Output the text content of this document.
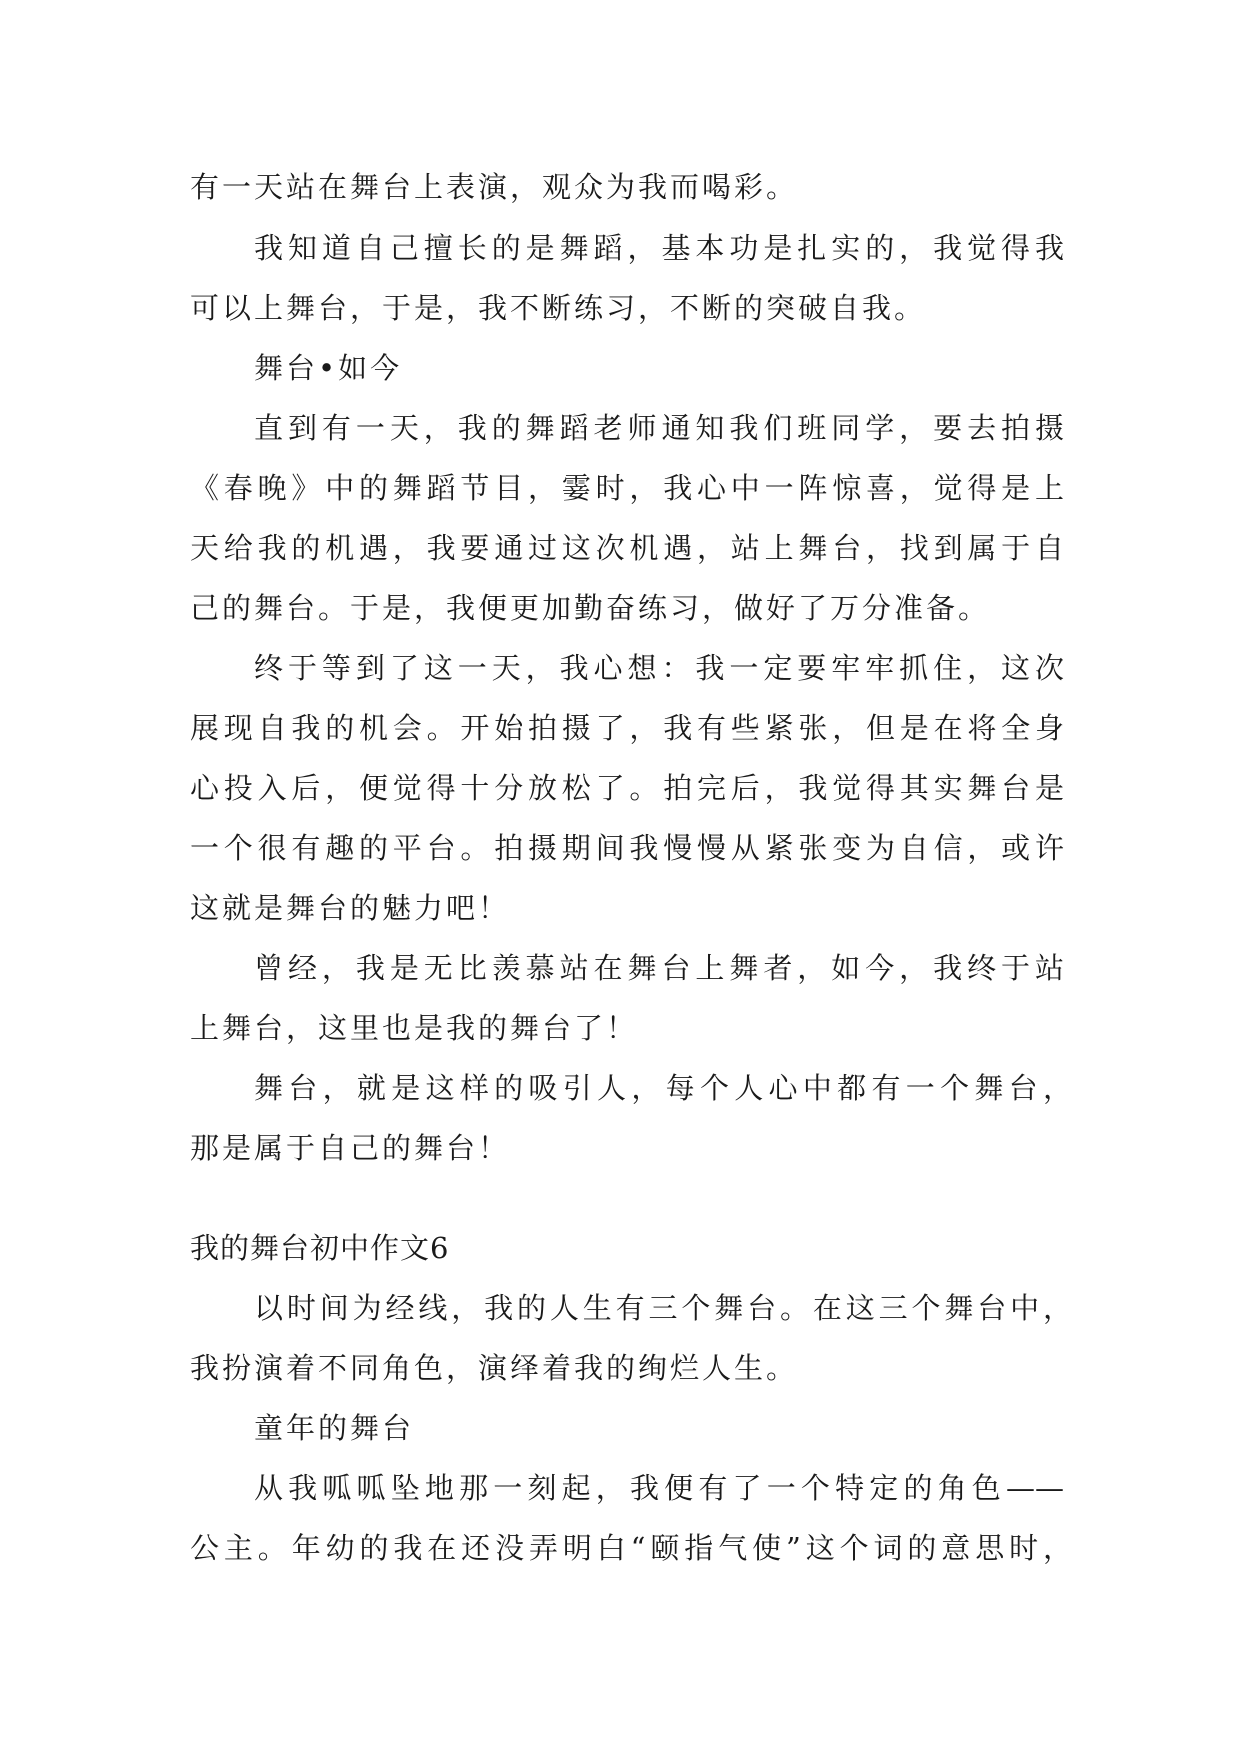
有一天站在舞台上表演，观众为我而喝彩。
我知道自己擅长的是舞蹈，基本功是扎实的，我觉得我
可以上舞台，于是，我不断练习，不断的突破自我。
舞台•如今
直到有一天，我的舞蹈老师通知我们班同学，要去拍摄
《春晚》中的舞蹈节目，霎时，我心中一阵惊喜，觉得是上
天给我的机遇，我要通过这次机遇，站上舞台，找到属于自
己的舞台。于是，我便更加勤奋练习，做好了万分准备。
终于等到了这一天，我心想：我一定要牢牢抓住，这次
展现自我的机会。开始拍摄了，我有些紧张，但是在将全身
心投入后，便觉得十分放松了。拍完后，我觉得其实舞台是
一个很有趣的平台。拍摄期间我慢慢从紧张变为自信，或许
这就是舞台的魅力吧！
曾经，我是无比羡慕站在舞台上舞者，如今，我终于站
上舞台，这里也是我的舞台了！
舞台，就是这样的吸引人，每个人心中都有一个舞台，
那是属于自己的舞台！
我的舞台初中作文6
以时间为经线，我的人生有三个舞台。在这三个舞台中，
我扮演着不同角色，演绎着我的绚烂人生。
童年的舞台
从我呱呱坠地那一刻起，我便有了一个特定的角色——
公主。年幼的我在还没弄明白“颐指气使”这个词的意思时，
